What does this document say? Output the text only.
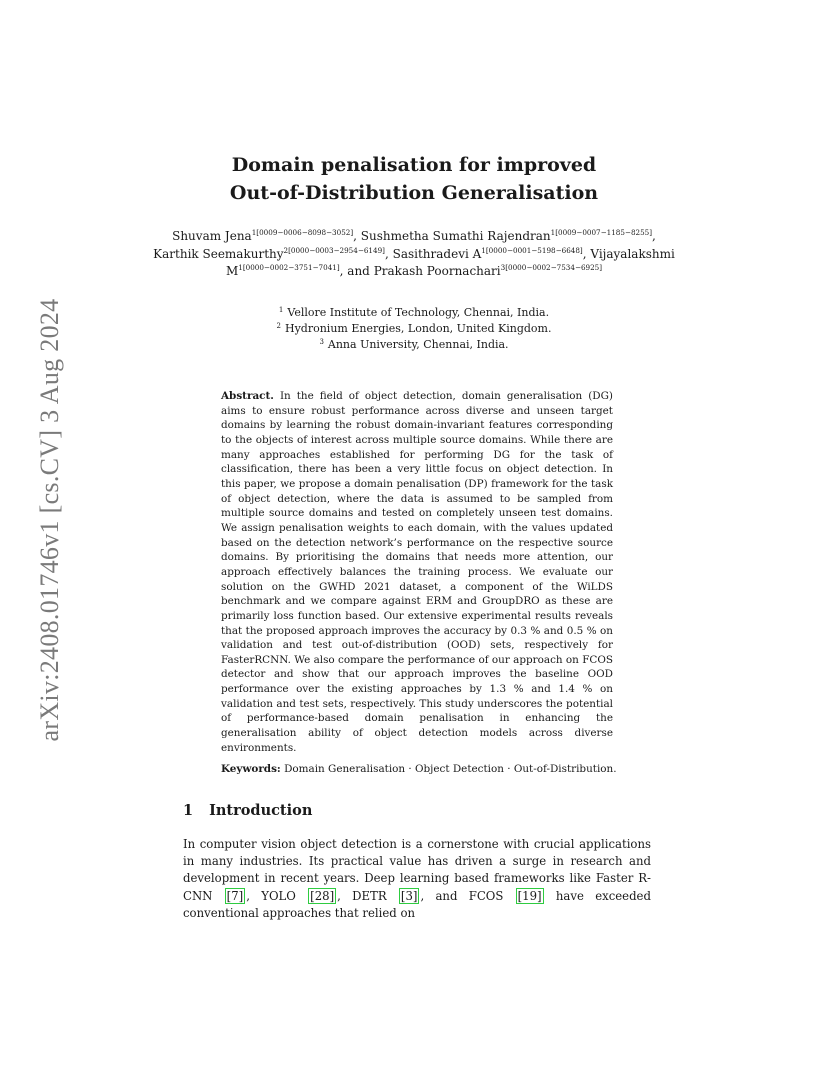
arXiv:2408.01746v1 [cs.CV] 3 Aug 2024
Domain penalisation for improved
Out-of-Distribution Generalisation
Shuvam Jena$^{1[0009-0006-8098-3052]}$, Sushmetha Sumathi Rajendran$^{1[0009-0007-1185-8255]}$, Karthik Seemakurthy$^{2[0000-0003-2954-6149]}$, Sasithradevi $A^{1[0000-0001-5198-6648]}$, Vijayalakshmi $M^{1[0000-0002-3751-7041]}$, and Prakash Poornachari$^{3[0000-0002-7534-6925]}$
$^1$ Vellore Institute of Technology, Chennai, India.
$^2$ Hydronium Energies, London, United Kingdom.
$^3$ Anna University, Chennai, India.
Abstract. In the field of object detection, domain generalisation (DG) aims to ensure robust performance across diverse and unseen target domains by learning the robust domain-invariant features corresponding to the objects of interest across multiple source domains. While there are many approaches established for performing DG for the task of classification, there has been a very little focus on object detection. In this paper, we propose a domain penalisation (DP) framework for the task of object detection, where the data is assumed to be sampled from multiple source domains and tested on completely unseen test domains. We assign penalisation weights to each domain, with the values updated based on the detection network’s performance on the respective source domains. By prioritising the domains that needs more attention, our approach effectively balances the training process. We evaluate our solution on the GWHD 2021 dataset, a component of the WiLDS benchmark and we compare against ERM and GroupDRO as these are primarily loss function based. Our extensive experimental results reveals that the proposed approach improves the accuracy by 0.3 % and 0.5 % on validation and test out-of-distribution (OOD) sets, respectively for FasterRCNN. We also compare the performance of our approach on FCOS detector and show that our approach improves the baseline OOD performance over the existing approaches by 1.3 % and 1.4 % on validation and test sets, respectively. This study underscores the potential of performance-based domain penalisation in enhancing the generalisation ability of object detection models across diverse environments.
Keywords: Domain Generalisation · Object Detection · Out-of-Distribution.
1 Introduction
In computer vision object detection is a cornerstone with crucial applications in many industries. Its practical value has driven a surge in research and development in recent years. Deep learning based frameworks like Faster R-CNN [7] , YOLO [28] , DETR [3] , and FCOS [19] have exceeded conventional approaches that relied on
